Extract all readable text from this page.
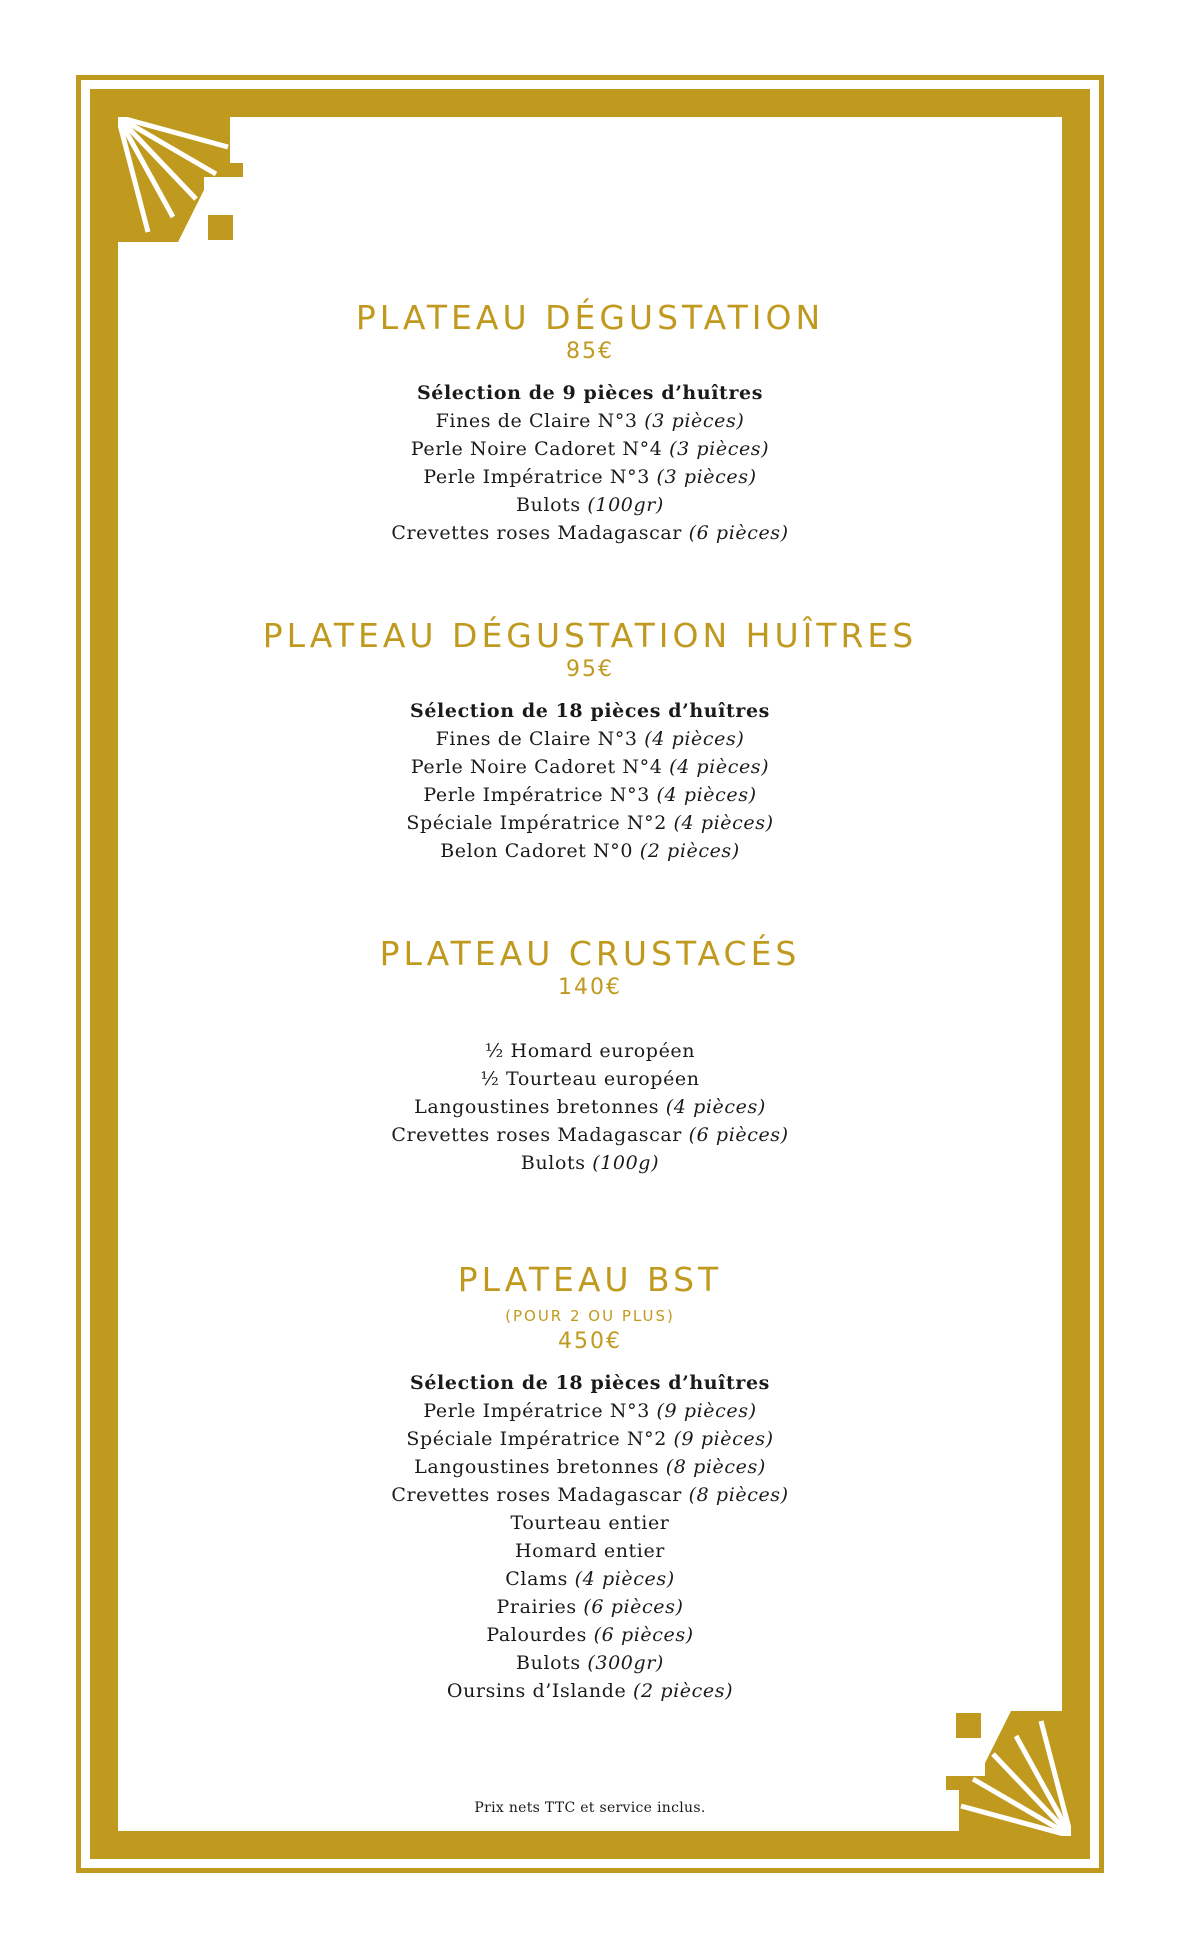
PLATEAU DÉGUSTATION
85€
Sélection de 9 pièces d’huîtres
Fines de Claire N°3 (3 pièces)
Perle Noire Cadoret N°4 (3 pièces)
Perle Impératrice N°3 (3 pièces)
Bulots (100gr)
Crevettes roses Madagascar (6 pièces)
PLATEAU DÉGUSTATION HUÎTRES
95€
Sélection de 18 pièces d’huîtres
Fines de Claire N°3 (4 pièces)
Perle Noire Cadoret N°4 (4 pièces)
Perle Impératrice N°3 (4 pièces)
Spéciale Impératrice N°2 (4 pièces)
Belon Cadoret N°0 (2 pièces)
PLATEAU CRUSTACÉS
140€
½ Homard européen
½ Tourteau européen
Langoustines bretonnes (4 pièces)
Crevettes roses Madagascar (6 pièces)
Bulots (100g)
PLATEAU BST
(POUR 2 OU PLUS)
450€
Sélection de 18 pièces d’huîtres
Perle Impératrice N°3 (9 pièces)
Spéciale Impératrice N°2 (9 pièces)
Langoustines bretonnes (8 pièces)
Crevettes roses Madagascar (8 pièces)
Tourteau entier
Homard entier
Clams (4 pièces)
Prairies (6 pièces)
Palourdes (6 pièces)
Bulots (300gr)
Oursins d’Islande (2 pièces)
Prix nets TTC et service inclus.
